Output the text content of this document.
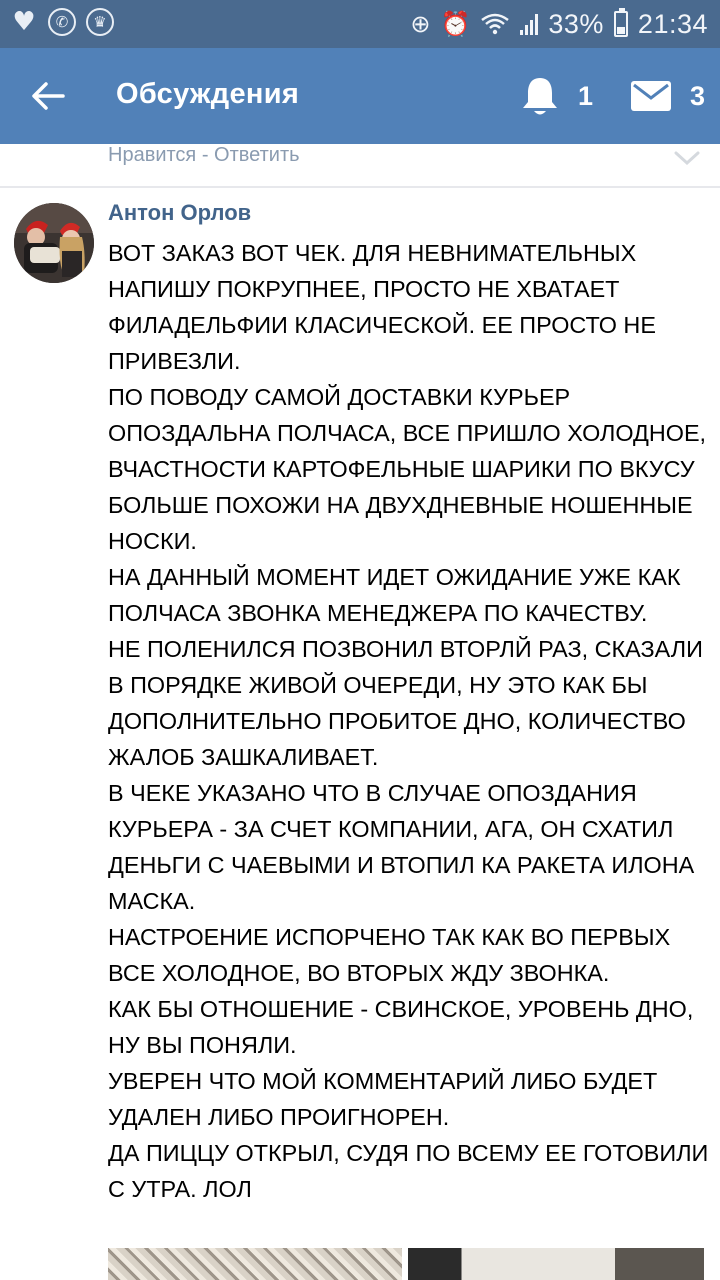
♥	✆	♛	⊕ ⏰	33% 21:34
Обсуждения	1	3
Нравится - Ответить
Антон Орлов
ВОТ ЗАКАЗ ВОТ ЧЕК. ДЛЯ НЕВНИМАТЕЛЬНЫХ НАПИШУ ПОКРУПНЕЕ, ПРОСТО НЕ ХВАТАЕТ ФИЛАДЕЛЬФИИ КЛАСИЧЕСКОЙ. ЕЕ ПРОСТО НЕ ПРИВЕЗЛИ.
ПО ПОВОДУ САМОЙ ДОСТАВКИ КУРЬЕР ОПОЗДАЛЬНА ПОЛЧАСА, ВСЕ ПРИШЛО ХОЛОДНОЕ, ВЧАСТНОСТИ КАРТОФЕЛЬНЫЕ ШАРИКИ ПО ВКУСУ БОЛЬШЕ ПОХОЖИ НА ДВУХДНЕВНЫЕ НОШЕННЫЕ НОСКИ.
НА ДАННЫЙ МОМЕНТ ИДЕТ ОЖИДАНИЕ УЖЕ КАК ПОЛЧАСА ЗВОНКА МЕНЕДЖЕРА ПО КАЧЕСТВУ.
НЕ ПОЛЕНИЛСЯ ПОЗВОНИЛ ВТОРЛЙ РАЗ, СКАЗАЛИ В ПОРЯДКЕ ЖИВОЙ ОЧЕРЕДИ, НУ ЭТО КАК БЫ ДОПОЛНИТЕЛЬНО ПРОБИТОЕ ДНО, КОЛИЧЕСТВО ЖАЛОБ ЗАШКАЛИВАЕТ.
В ЧЕКЕ УКАЗАНО ЧТО В СЛУЧАЕ ОПОЗДАНИЯ КУРЬЕРА - ЗА СЧЕТ КОМПАНИИ, АГА, ОН СХАТИЛ ДЕНЬГИ С ЧАЕВЫМИ И ВТОПИЛ КА РАКЕТА ИЛОНА МАСКА.
НАСТРОЕНИЕ ИСПОРЧЕНО ТАК КАК ВО ПЕРВЫХ ВСЕ ХОЛОДНОЕ, ВО ВТОРЫХ ЖДУ ЗВОНКА.
КАК БЫ ОТНОШЕНИЕ - СВИНСКОЕ, УРОВЕНЬ ДНО, НУ ВЫ ПОНЯЛИ.
УВЕРЕН ЧТО МОЙ КОММЕНТАРИЙ ЛИБО БУДЕТ УДАЛЕН ЛИБО ПРОИГНОРЕН.
ДА ПИЦЦУ ОТКРЫЛ, СУДЯ ПО ВСЕМУ ЕЕ ГОТОВИЛИ С УТРА. ЛОЛ
